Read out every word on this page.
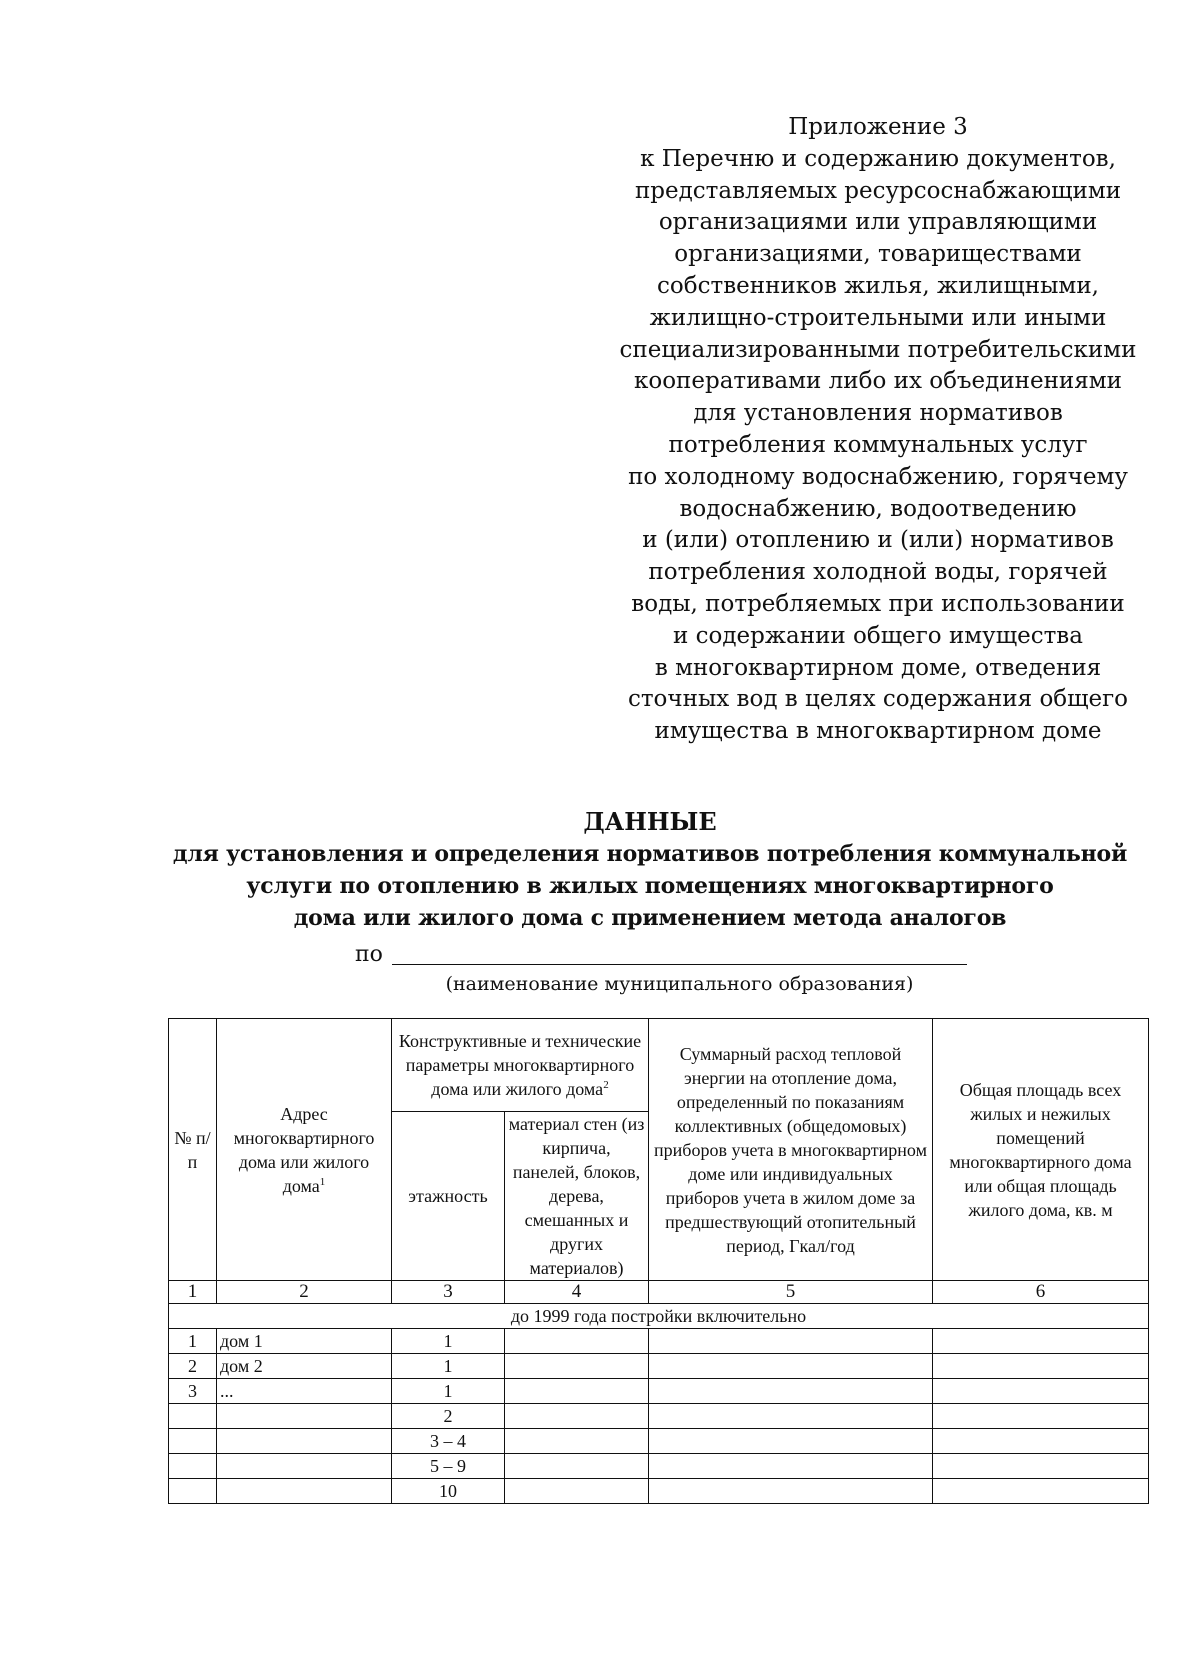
Приложение 3
к Перечню и содержанию документов,
представляемых ресурсоснабжающими
организациями или управляющими
организациями, товариществами
собственников жилья, жилищными,
жилищно-строительными или иными
специализированными потребительскими
кооперативами либо их объединениями
для установления нормативов
потребления коммунальных услуг
по холодному водоснабжению, горячему
водоснабжению, водоотведению
и (или) отоплению и (или) нормативов
потребления холодной воды, горячей
воды, потребляемых при использовании
и содержании общего имущества
в многоквартирном доме, отведения
сточных вод в целях содержания общего
имущества в многоквартирном доме
ДАННЫЕ
для установления и определения нормативов потребления коммунальной
услуги по отоплению в жилых помещениях многоквартирного
дома или жилого дома с применением метода аналогов
по
(наименование муниципального образования)
№ п/п	Адрес многоквартирного дома или жилого дома$^1$	Конструктивные и технические параметры многоквартирного дома или жилого дома$^2$		Суммарный расход тепловой энергии на отопление дома, определенный по показаниям коллективных (общедомовых) приборов учета в многоквартирном доме или индивидуальных приборов учета в жилом доме за предшествующий отопительный период, Гкал/год	Общая площадь всех жилых и нежилых помещений многоквартирного дома или общая площадь жилого дома, кв. м
		этажность	материал стен (из кирпича, панелей, блоков, дерева, смешанных и других материалов)		
1	2	3	4	5	6
до 1999 года постройки включительно					
1	дом 1	1			
2	дом 2	1			
3	...	1			
		2			
		3 – 4			
		5 – 9			
		10			
